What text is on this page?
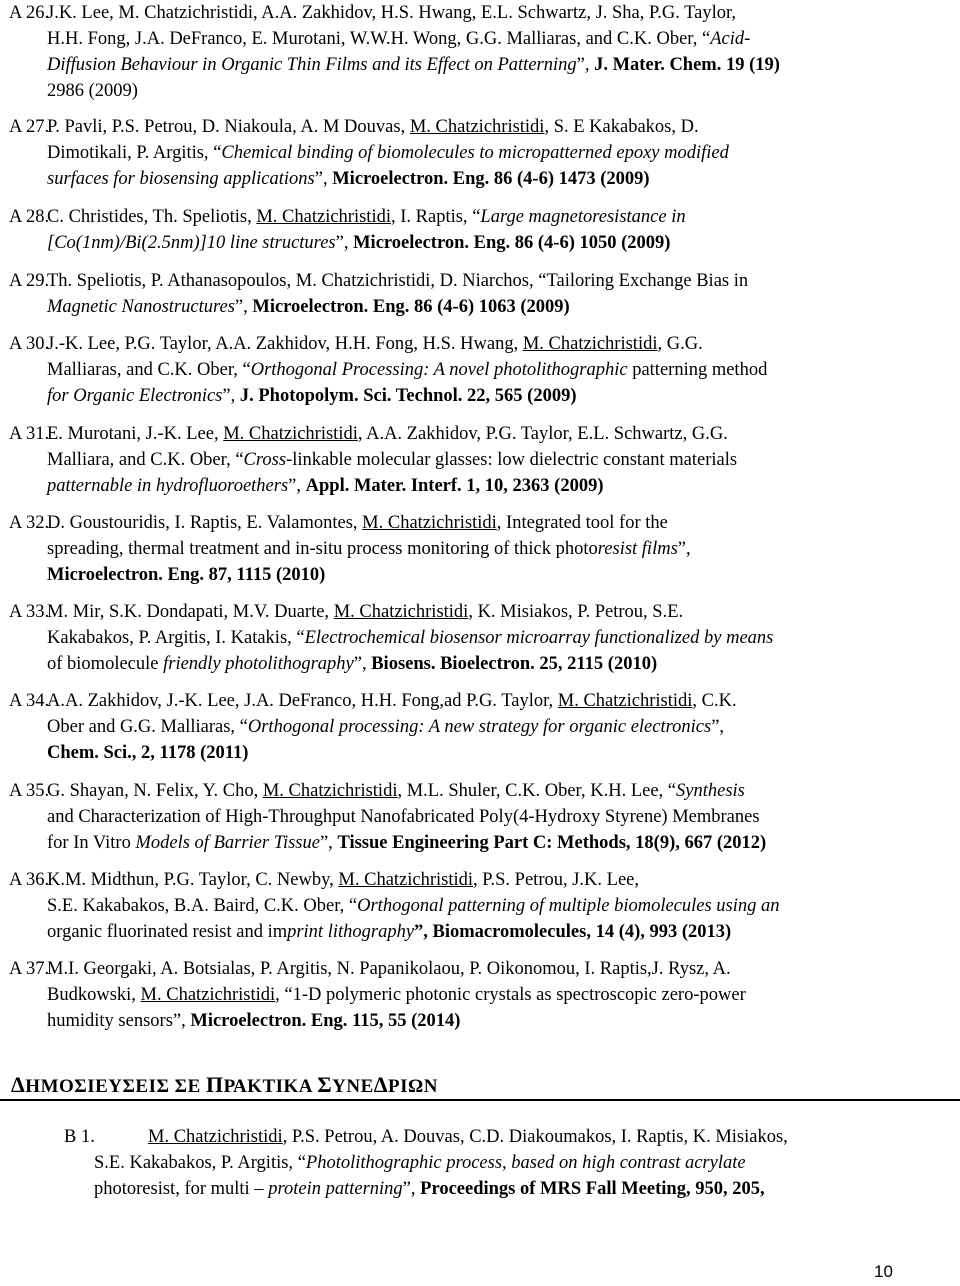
A 26.J.K. Lee, M. Chatzichristidi, A.A. Zakhidov, H.S. Hwang, E.L. Schwartz, J. Sha, P.G. Taylor,
H.H. Fong, J.A. DeFranco, E. Murotani, W.W.H. Wong, G.G. Malliaras, and C.K. Ober, “Acid-
Diffusion Behaviour in Organic Thin Films and its Effect on Patterning”, J. Mater. Chem. 19 (19)
2986 (2009)
A 27.P. Pavli, P.S. Petrou, D. Niakoula, A. M Douvas, M. Chatzichristidi, S. E Kakabakos, D.
Dimotikali, P. Argitis, “Chemical binding of biomolecules to micropatterned epoxy modified
surfaces for biosensing applications”, Microelectron. Eng. 86 (4-6) 1473 (2009)
A 28.C. Christides, Th. Speliotis, M. Chatzichristidi, I. Raptis, “Large magnetoresistance in
[Co(1nm)/Bi(2.5nm)]10 line structures”, Microelectron. Eng. 86 (4-6) 1050 (2009)
A 29.Th. Speliotis, P. Athanasopoulos, M. Chatzichristidi, D. Niarchos, “Tailoring Exchange Bias in
Magnetic Nanostructures”, Microelectron. Eng. 86 (4-6) 1063 (2009)
A 30.J.-K. Lee, P.G. Taylor, A.A. Zakhidov, H.H. Fong, H.S. Hwang, M. Chatzichristidi, G.G.
Malliaras, and C.K. Ober, “Orthogonal Processing: A novel photolithographic patterning method
for Organic Electronics”, J. Photopolym. Sci. Technol. 22, 565 (2009)
A 31.E. Murotani, J.-K. Lee, M. Chatzichristidi, A.A. Zakhidov, P.G. Taylor, E.L. Schwartz, G.G.
Malliara, and C.K. Ober, “Cross-linkable molecular glasses: low dielectric constant materials
patternable in hydrofluoroethers”, Appl. Mater. Interf. 1, 10, 2363 (2009)
A 32.D. Goustouridis, I. Raptis, E. Valamontes, M. Chatzichristidi, Integrated tool for the
spreading, thermal treatment and in-situ process monitoring of thick photoresist films”,
Microelectron. Eng. 87, 1115 (2010)
A 33.M. Mir, S.K. Dondapati, M.V. Duarte, M. Chatzichristidi, K. Misiakos, P. Petrou, S.E.
Kakabakos, P. Argitis, I. Katakis, “Electrochemical biosensor microarray functionalized by means
of biomolecule friendly photolithography”, Biosens. Bioelectron. 25, 2115 (2010)
A 34.A.A. Zakhidov, J.-K. Lee, J.A. DeFranco, H.H. Fong,ad P.G. Taylor, M. Chatzichristidi, C.K.
Ober and G.G. Malliaras, “Orthogonal processing: A new strategy for organic electronics”,
Chem. Sci., 2, 1178 (2011)
A 35.G. Shayan, N. Felix, Y. Cho, M. Chatzichristidi, M.L. Shuler, C.K. Ober, K.H. Lee, “Synthesis
and Characterization of High-Throughput Nanofabricated Poly(4-Hydroxy Styrene) Membranes
for In Vitro Models of Barrier Tissue”, Tissue Engineering Part C: Methods, 18(9), 667 (2012)
A 36.K.M. Midthun, P.G. Taylor, C. Newby, M. Chatzichristidi, P.S. Petrou, J.K. Lee,
S.E. Kakabakos, B.A. Baird, C.K. Ober, “Orthogonal patterning of multiple biomolecules using an
organic fluorinated resist and imprint lithography”, Biomacromolecules, 14 (4), 993 (2013)
A 37.M.I. Georgaki, A. Botsialas, P. Argitis, N. Papanikolaou, P. Oikonomou, I. Raptis,J. Rysz, A.
Budkowski, M. Chatzichristidi, “1-D polymeric photonic crystals as spectroscopic zero-power
humidity sensors”, Microelectron. Eng. 115, 55 (2014)
ΔΗΜΟΣΙΕΥΣΕΙΣ ΣΕ ΠΡΑΚΤΙΚΑ ΣΥΝΕΔΡΙΩΝ
B 1.	M. Chatzichristidi, P.S. Petrou, A. Douvas, C.D. Diakoumakos, I. Raptis, K. Misiakos,
S.E. Kakabakos, P. Argitis, “Photolithographic process, based on high contrast acrylate
photoresist, for multi – protein patterning”, Proceedings of MRS Fall Meeting, 950, 205,
10
